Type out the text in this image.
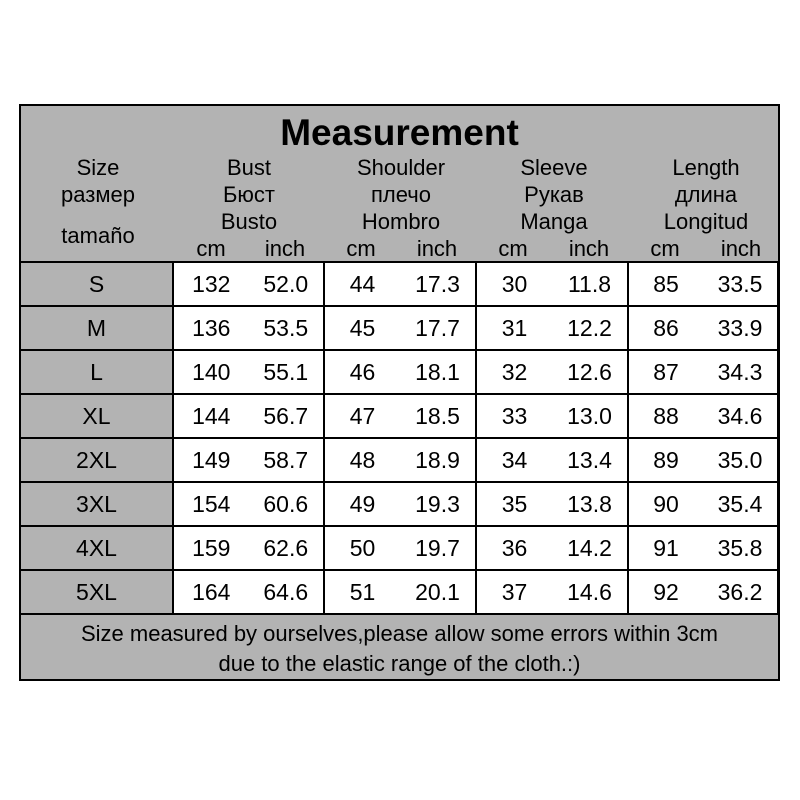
Measurement
Size
размер
tamaño
Bust
Бюст
Busto
Shoulder
плечо
Hombro
Sleeve
Рукав
Manga
Length
длина
Longitud
cm	inch	cm	inch	cm	inch	cm	inch
S	132 52.0	44 17.3	30 11.8	85 33.5

M	136 53.5	45 17.7	31 12.2	86 33.9

L	140 55.1	46 18.1	32 12.6	87 34.3

XL	144 56.7	47 18.5	33 13.0	88 34.6

2XL	149 58.7	48 18.9	34 13.4	89 35.0

3XL	154 60.6	49 19.3	35 13.8	90 35.4

4XL	159 62.6	50 19.7	36 14.2	91 35.8

5XL	164 64.6	51 20.1	37 14.6	92 36.2
Size measured by ourselves,please allow some errors within 3cm
due to the elastic range of the cloth.:)
